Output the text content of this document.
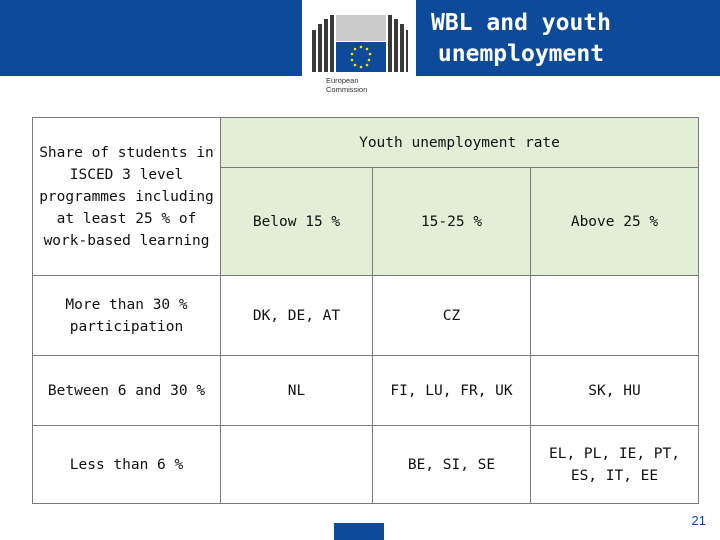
European
Commission
WBL and youth
unemployment
Share of students in ISCED 3 level programmes including at least 25 % of work-based learning	Youth unemployment rate		
	Below 15 %	15-25 %	Above 25 %
More than 30 % participation	DK, DE, AT	CZ	
Between 6 and 30 %	NL	FI, LU, FR, UK	SK, HU
Less than 6 %		BE, SI, SE	EL, PL, IE, PT, ES, IT, EE
21
